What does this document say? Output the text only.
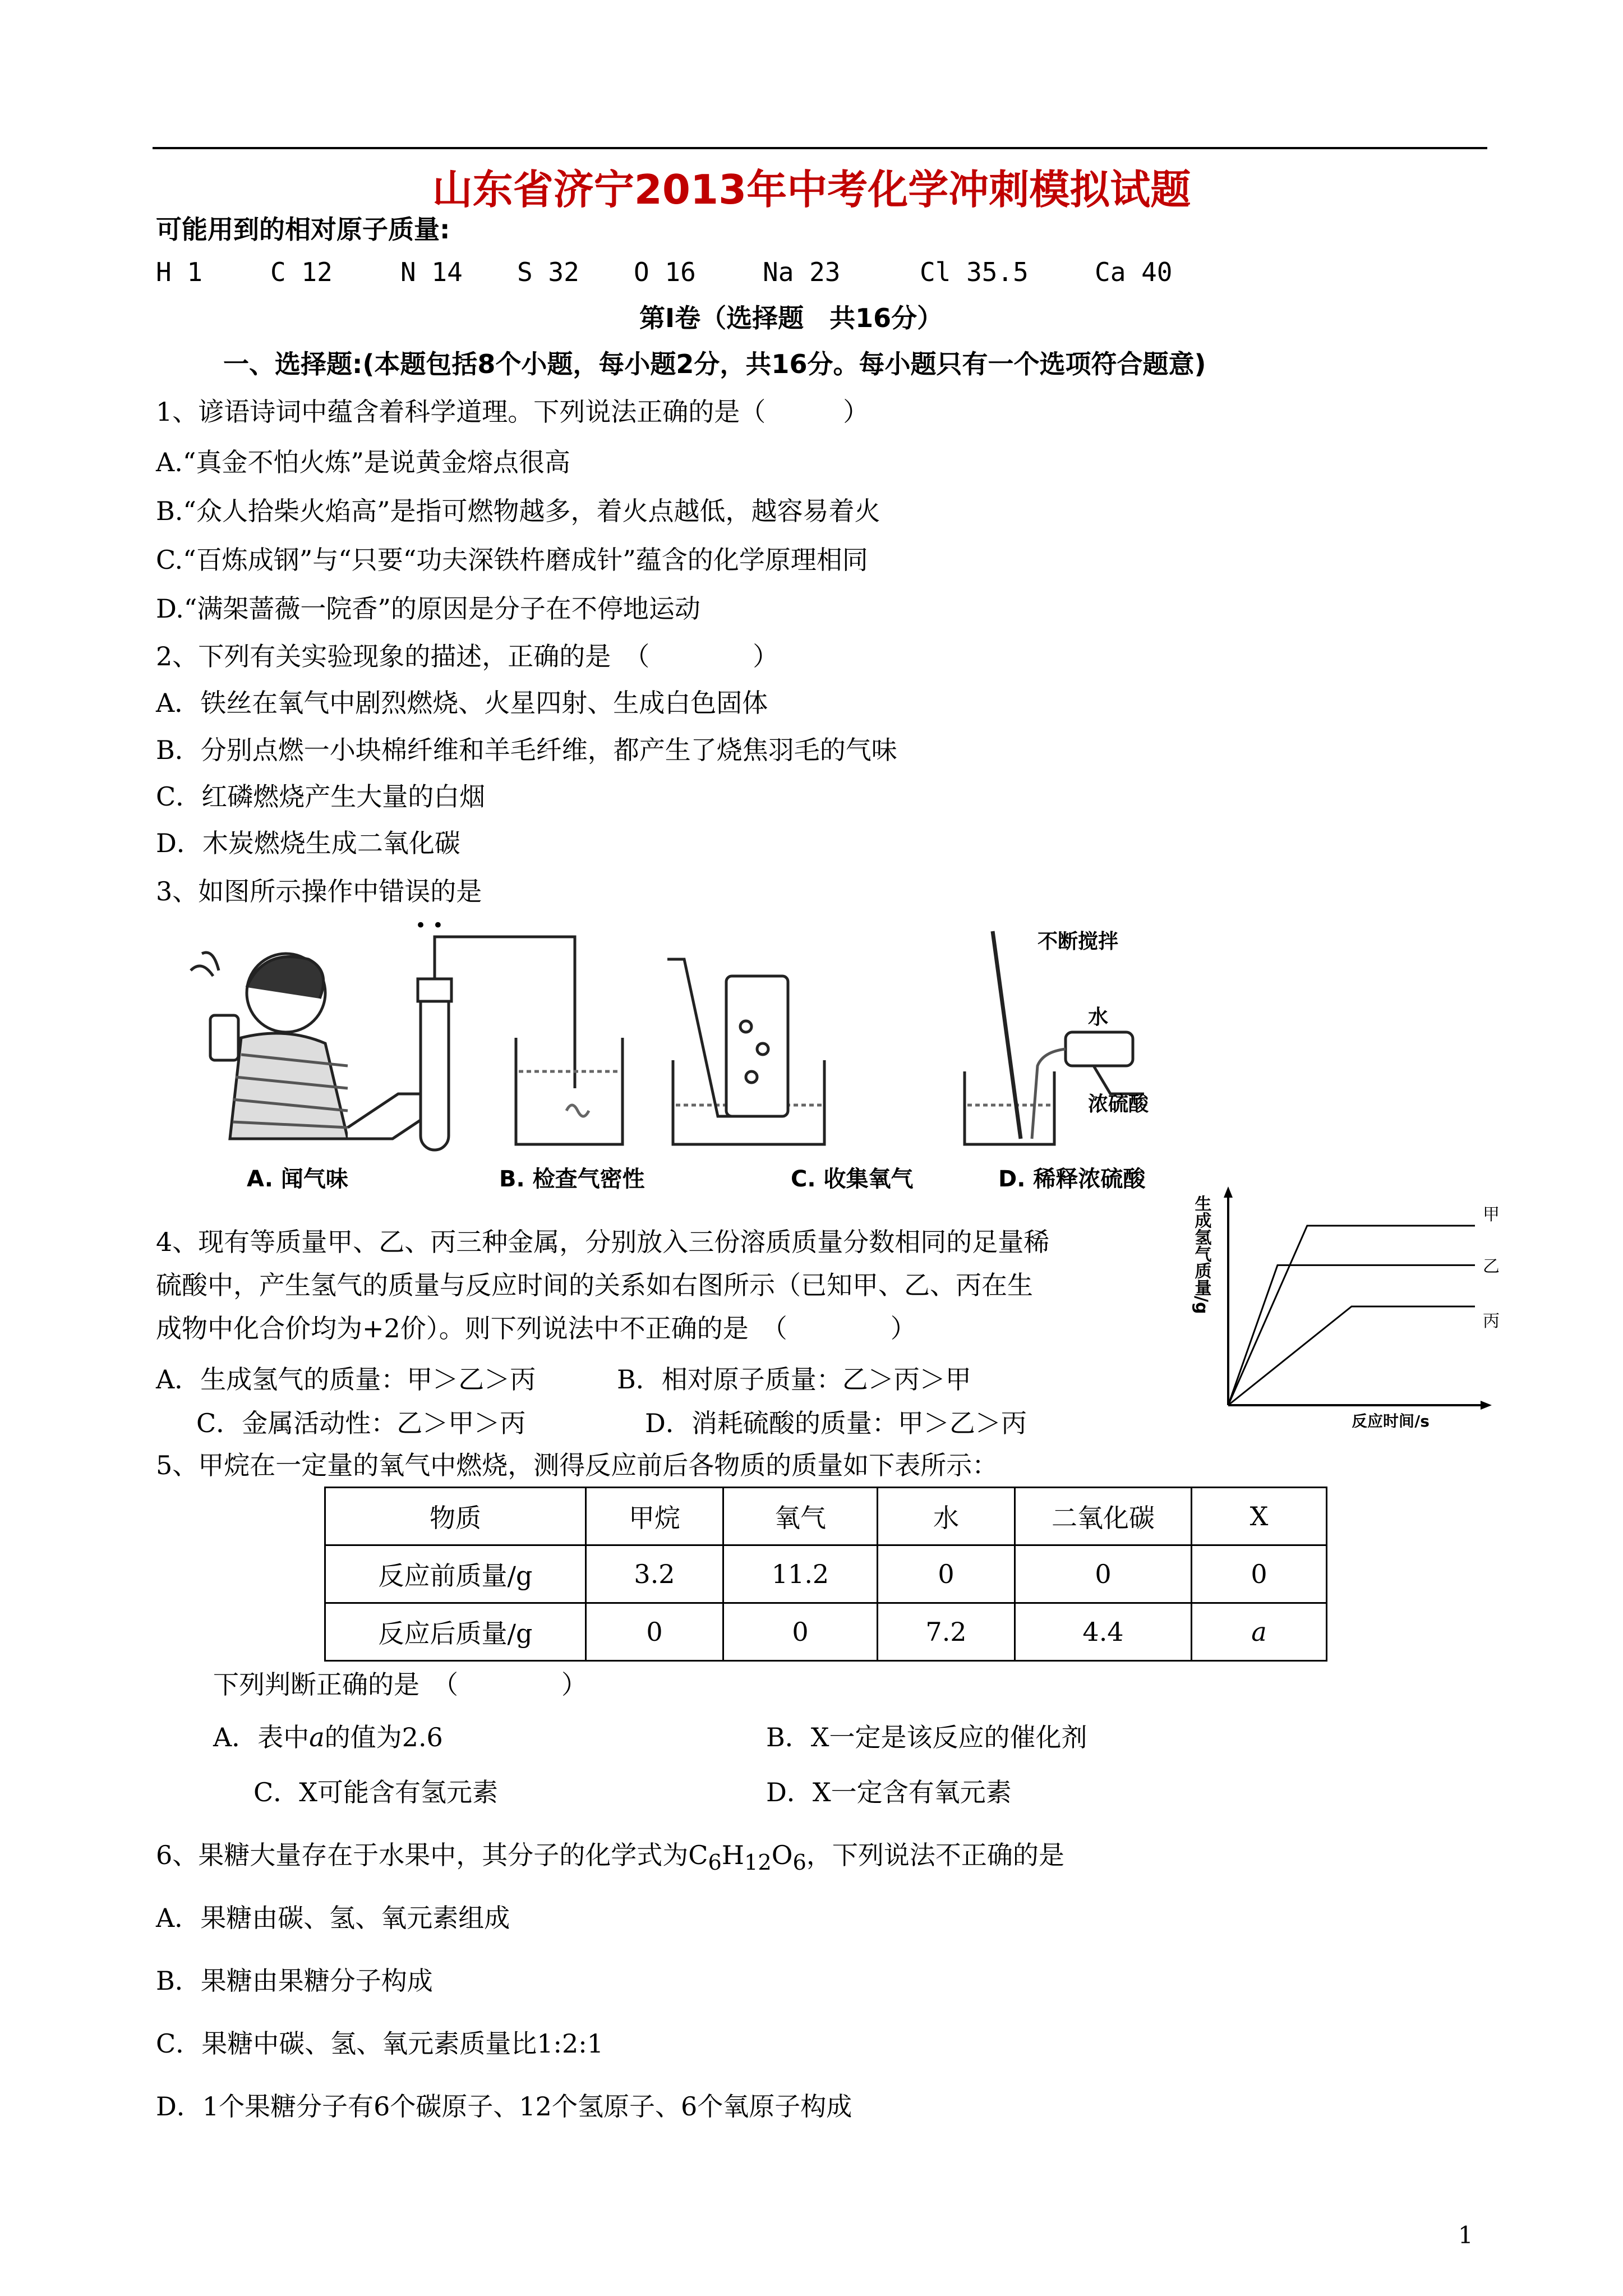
山东省济宁2013年中考化学冲刺模拟试题
可能用到的相对原子质量:
H 1	C 12	N 14 S 32 O 16	Na 23	Cl 35.5	Ca 40
第Ⅰ卷（选择题　共16分）
一、选择题:(本题包括8个小题，每小题2分，共16分。每小题只有一个选项符合题意)
1、谚语诗词中蕴含着科学道理。下列说法正确的是（　　　）
A.“真金不怕火炼”是说黄金熔点很高
B.“众人拾柴火焰高”是指可燃物越多，着火点越低，越容易着火
C.“百炼成钢”与“只要“功夫深铁杵磨成针”蕴含的化学原理相同
D.“满架蔷薇一院香”的原因是分子在不停地运动
2、下列有关实验现象的描述，正确的是　（　　　　）
A．铁丝在氧气中剧烈燃烧、火星四射、生成白色固体
B．分别点燃一小块棉纤维和羊毛纤维，都产生了烧焦羽毛的气味
C．红磷燃烧产生大量的白烟
D．木炭燃烧生成二氧化碳
3、如图所示操作中错误的是
• •
A. 闻气味	B. 检查气密性	C. 收集氧气	D. 稀释浓硫酸
不断搅拌
水
浓硫酸
4、现有等质量甲、乙、丙三种金属，分别放入三份溶质质量分数相同的足量稀
硫酸中，产生氢气的质量与反应时间的关系如右图所示（已知甲、乙、丙在生
成物中化合价均为+2价）。则下列说法中不正确的是　（　　　　）
A．生成氢气的质量：甲＞乙＞丙	B．相对原子质量：乙＞丙＞甲
C．金属活动性：乙＞甲＞丙	D．消耗硫酸的质量：甲＞乙＞丙
甲
乙
丙
生成氢气质量/g
反应时间/s
5、甲烷在一定量的氧气中燃烧，测得反应前后各物质的质量如下表所示：
物质	甲烷	氧气	水	二氧化碳	X
反应前质量/g	3.2	11.2	0	0	0
反应后质量/g	0	0	7.2	4.4	a
下列判断正确的是　（　　　　）
A．表中a的值为2.6	B．X一定是该反应的催化剂
C．X可能含有氢元素	D．X一定含有氧元素
6、果糖大量存在于水果中，其分子的化学式为$C_6H_{12}O_6$，下列说法不正确的是
A．果糖由碳、氢、氧元素组成
B．果糖由果糖分子构成
C．果糖中碳、氢、氧元素质量比1:2:1
D．1个果糖分子有6个碳原子、12个氢原子、6个氧原子构成
1
